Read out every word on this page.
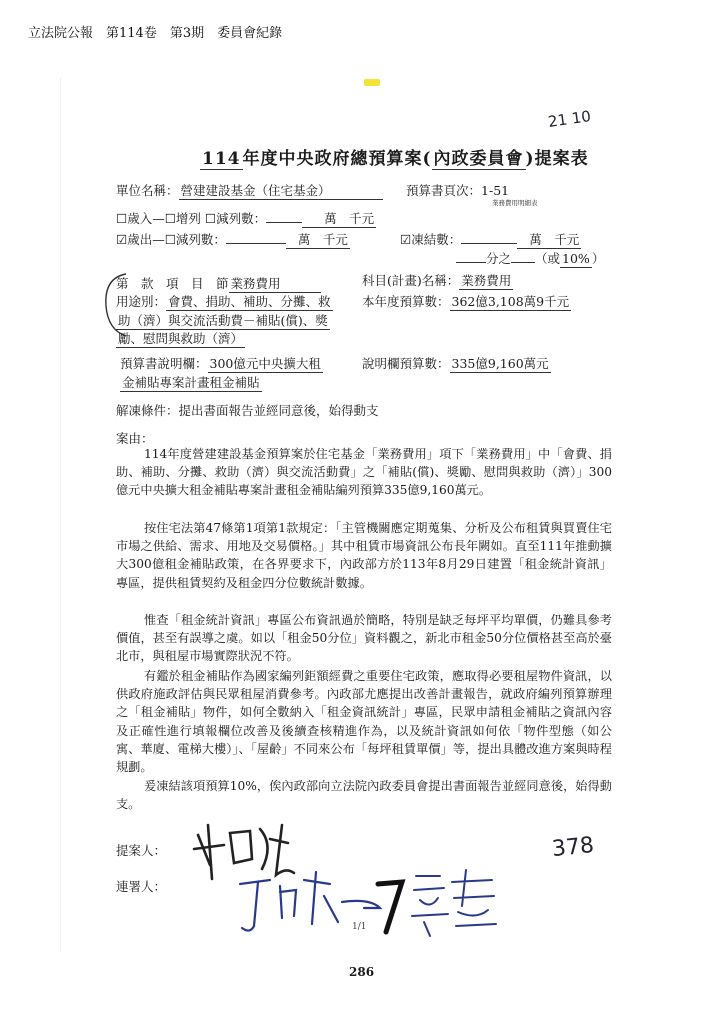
立法院公報　第114卷　第3期　委員會紀錄
21 10
114 年度中央政府總預算案( 內政委員會 )提案表
單位名稱： 營建建設基金（住宅基金）	預算書頁次：1-51
業務費用明細表
☐歲入—☐增列 ☐減列數：	萬　千元
☑歲出—☐減列數：	萬　千元	☑凍結數：	萬　千元
分之 （或 10% ）
第　款　項　目　節 業務費用	科目(計畫)名稱： 業務費用
用途別： 會費、捐助、補助、分攤、救	本年度預算數： 362億3,108萬9千元
助（濟）與交流活動費－補貼(償)、獎
勵、慰問與救助（濟）
預算書說明欄： 300億元中央擴大租
金補貼專案計畫租金補貼
說明欄預算數： 335億9,160萬元
解凍條件：提出書面報告並經同意後，始得動支
案由：
114年度營建建設基金預算案於住宅基金「業務費用」項下「業務費用」中「會費、捐助、補助、分攤、救助（濟）與交流活動費」之「補貼(償)、獎勵、慰問與救助（濟）」300億元中央擴大租金補貼專案計畫租金補貼編列預算335億9,160萬元。
按住宅法第47條第1項第1款規定：「主管機關應定期蒐集、分析及公布租賃與買賣住宅市場之供給、需求、用地及交易價格。」其中租賃市場資訊公布長年闕如。直至111年推動擴大300億租金補貼政策，在各界要求下，內政部方於113年8月29日建置「租金統計資訊」專區，提供租賃契約及租金四分位數統計數據。
惟查「租金統計資訊」專區公布資訊過於簡略，特別是缺乏每坪平均單價，仍難具參考價值，甚至有誤導之虞。如以「租金50分位」資料觀之，新北市租金50分位價格甚至高於臺北市，與租屋市場實際狀況不符。
有鑑於租金補貼作為國家編列鉅額經費之重要住宅政策，應取得必要租屋物件資訊，以供政府施政評估與民眾租屋消費參考。內政部尤應提出改善計畫報告，就政府編列預算辦理之「租金補貼」物件，如何全數納入「租金資訊統計」專區，民眾申請租金補貼之資訊內容及正確性進行填報欄位改善及後續查核精進作為，以及統計資訊如何依「物件型態（如公寓、華廈、電梯大樓）」、「屋齡」不同來公布「每坪租賃單價」等，提出具體改進方案與時程規劃。
爰凍結該項預算10%，俟內政部向立法院內政委員會提出書面報告並經同意後，始得動支。
提案人：	378
連署人：
1/1
286
